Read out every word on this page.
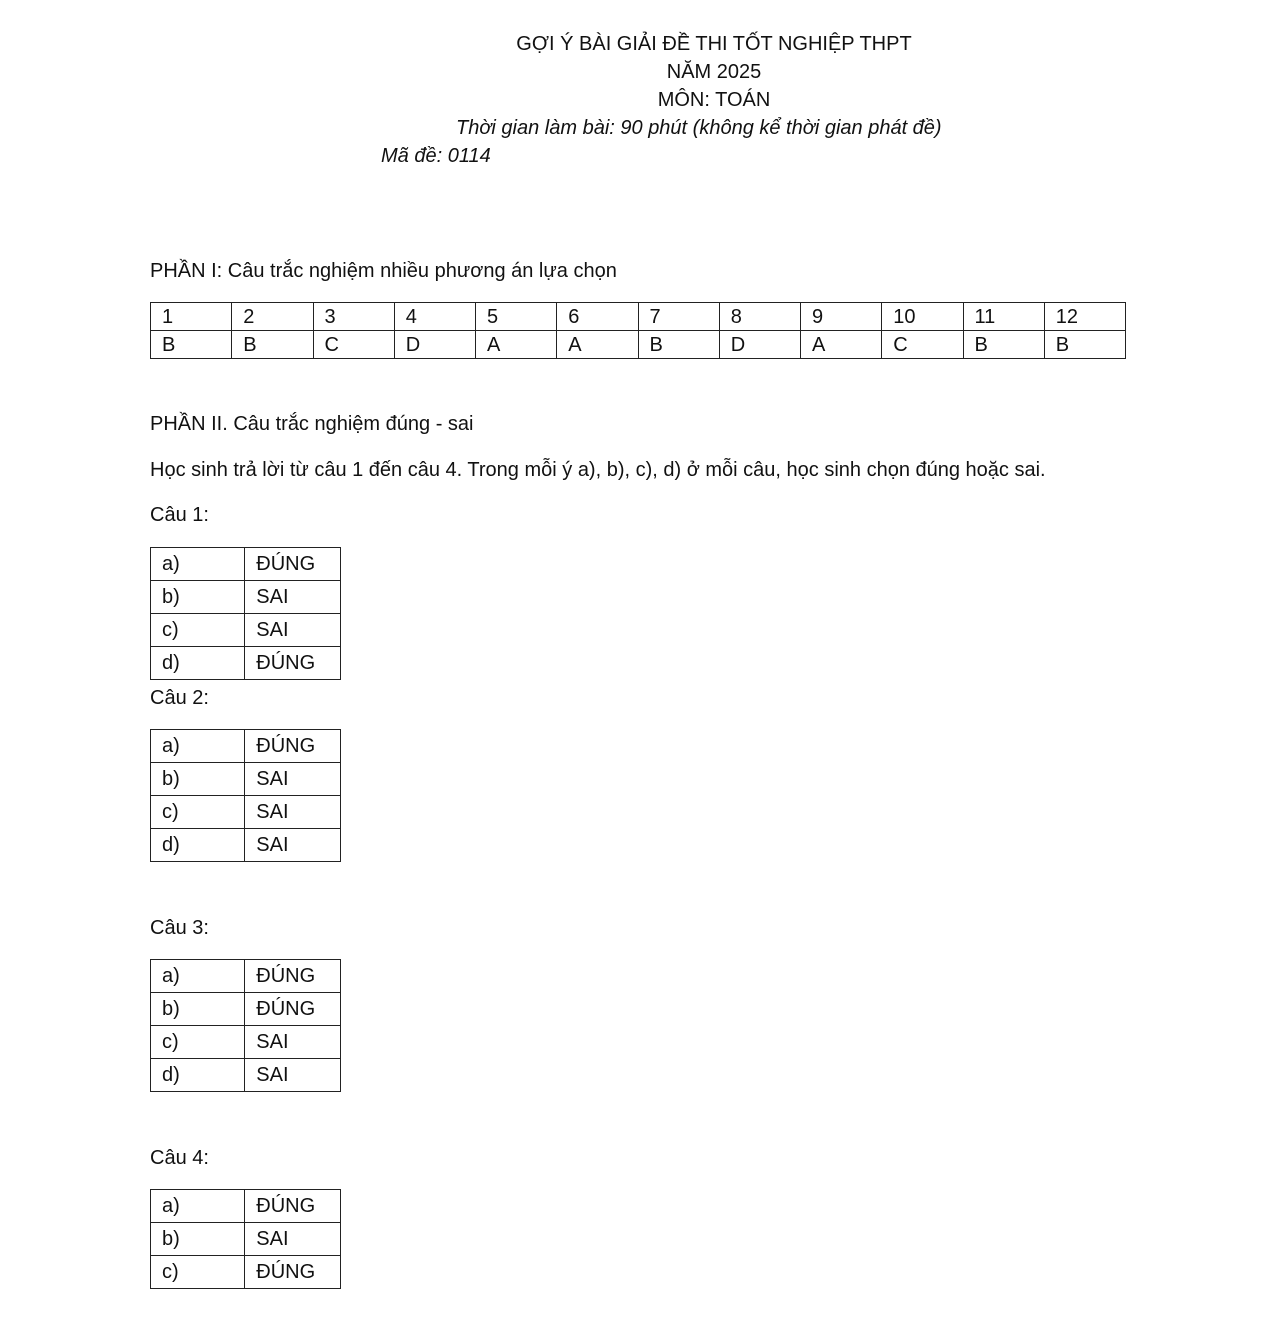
GỢI Ý BÀI GIẢI ĐỀ THI TỐT NGHIỆP THPT
NĂM 2025
MÔN: TOÁN
Thời gian làm bài: 90 phút (không kể thời gian phát đề)
Mã đề: 0114
PHẦN I: Câu trắc nghiệm nhiều phương án lựa chọn
1	2	3	4	5	6	7	8	9	10	11	12
B	B	C	D	A	A	B	D	A	C	B	B
PHẦN II. Câu trắc nghiệm đúng - sai
Học sinh trả lời từ câu 1 đến câu 4. Trong mỗi ý a), b), c), d) ở mỗi câu, học sinh chọn đúng hoặc sai.
Câu 1:
a)	ĐÚNG
b)	SAI
c)	SAI
d)	ĐÚNG
Câu 2:
a)	ĐÚNG
b)	SAI
c)	SAI
d)	SAI
Câu 3:
a)	ĐÚNG
b)	ĐÚNG
c)	SAI
d)	SAI
Câu 4:
a)	ĐÚNG
b)	SAI
c)	ĐÚNG
